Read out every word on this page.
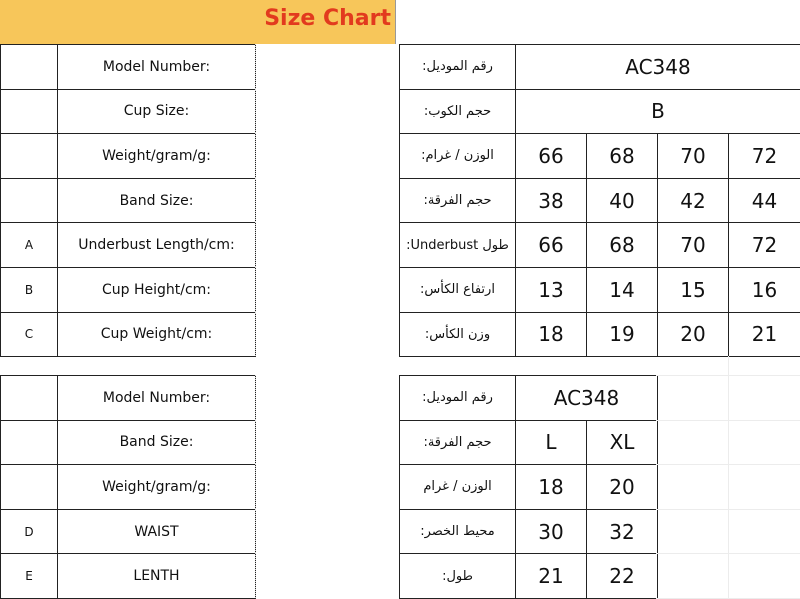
Size Chart
Model Number:	رقم الموديل:	AC348
Cup Size:	حجم الكوب:	B
Weight/gram/g:	الوزن / غرام:	66	68	70	72
Band Size:	حجم الفرقة:	38	40	42	44
A	Underbust Length/cm:	طول Underbust:	66	68	70	72
B	Cup Height/cm:	ارتفاع الكأس:	13	14	15	16
C	Cup Weight/cm:	وزن الكأس:	18	19	20	21
Model Number:	رقم الموديل:	AC348
Band Size:	حجم الفرقة:	L	XL
Weight/gram/g:	الوزن / غرام	18	20
D	WAIST	محيط الخصر:	30	32
E	LENTH	طول:	21	22
